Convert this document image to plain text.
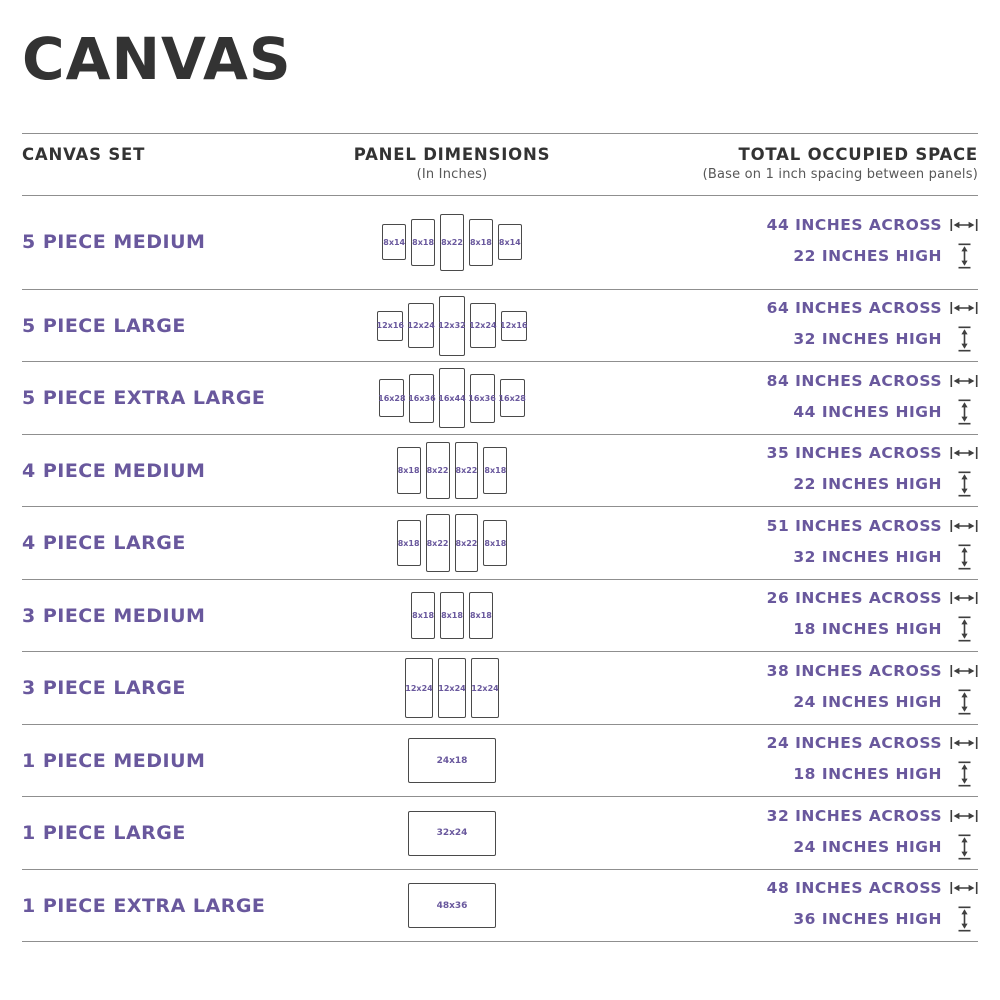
CANVAS
CANVAS SET	PANEL DIMENSIONS
(In Inches)
TOTAL OCCUPIED SPACE
(Base on 1 inch spacing between panels)
5 PIECE MEDIUM	8x14 8x18 8x22 8x18 8x14
44 INCHES ACROSS
22 INCHES HIGH
5 PIECE LARGE	12x16 12x24 12x32 12x24 12x16
64 INCHES ACROSS
32 INCHES HIGH
5 PIECE EXTRA LARGE	16x28 16x36 16x44 16x36 16x28
84 INCHES ACROSS
44 INCHES HIGH
4 PIECE MEDIUM	8x18 8x22 8x22 8x18
35 INCHES ACROSS
22 INCHES HIGH
4 PIECE LARGE	8x18 8x22 8x22 8x18
51 INCHES ACROSS
32 INCHES HIGH
3 PIECE MEDIUM	8x18 8x18 8x18
26 INCHES ACROSS
18 INCHES HIGH
3 PIECE LARGE	12x24 12x24 12x24
38 INCHES ACROSS
24 INCHES HIGH
1 PIECE MEDIUM	24x18
24 INCHES ACROSS
18 INCHES HIGH
1 PIECE LARGE	32x24
32 INCHES ACROSS
24 INCHES HIGH
1 PIECE EXTRA LARGE	48x36
48 INCHES ACROSS
36 INCHES HIGH
